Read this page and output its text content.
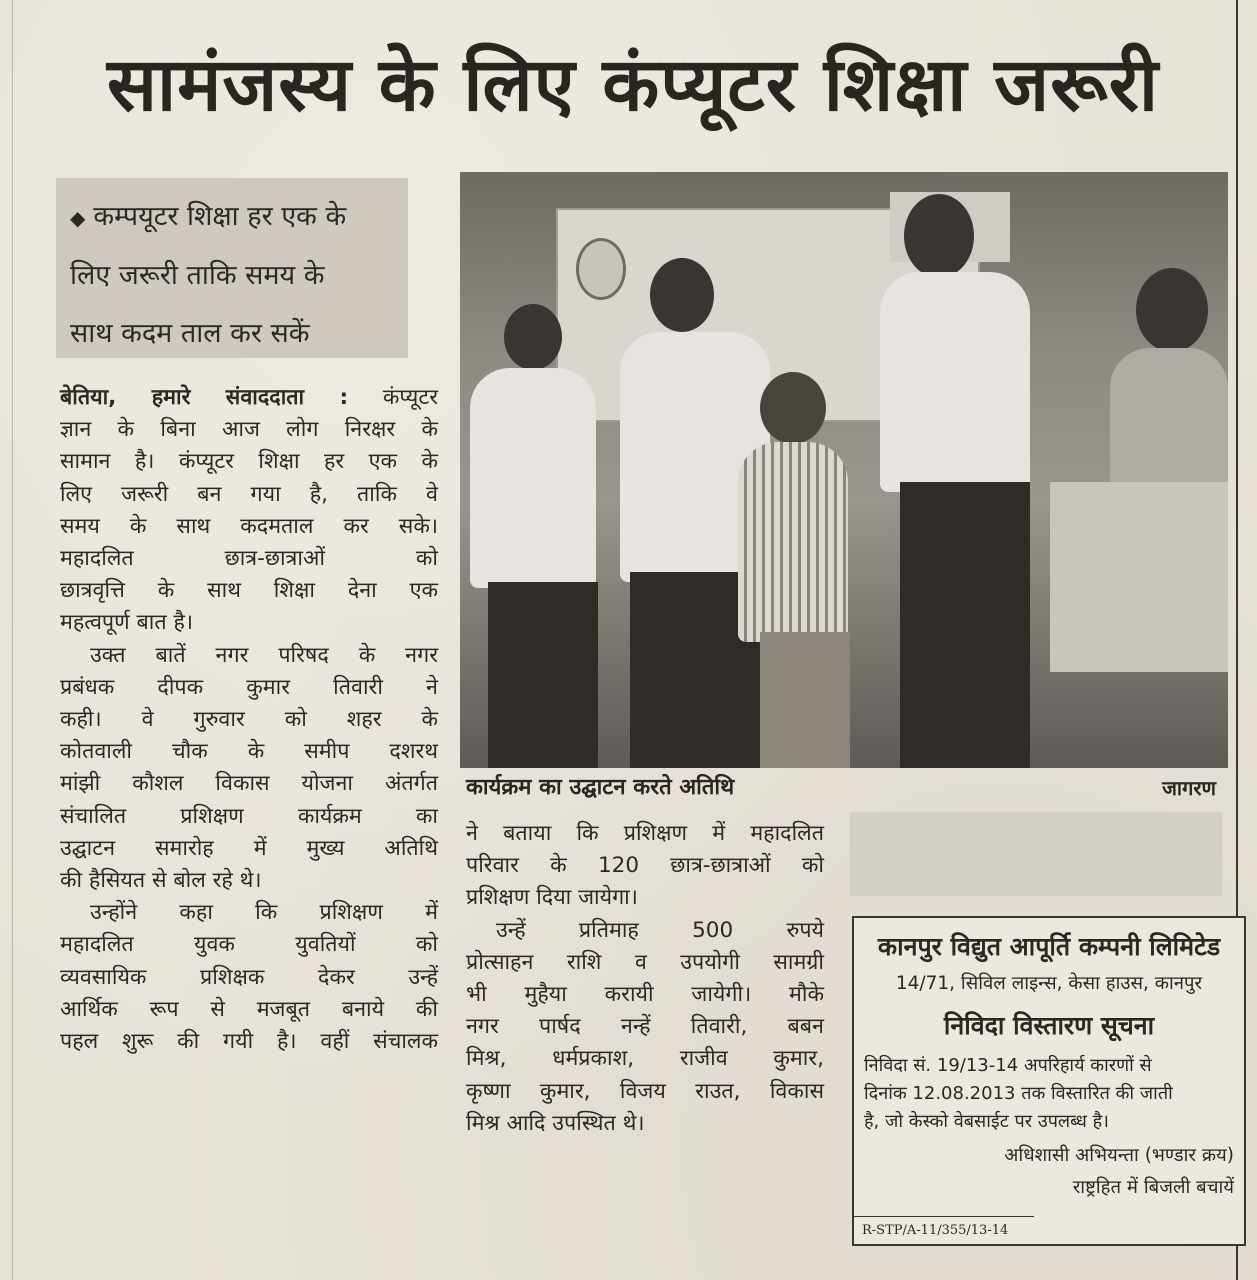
सामंजस्य के लिए कंप्यूटर शिक्षा जरूरी
◆ कम्पयूटर शिक्षा हर एक के
लिए जरूरी ताकि समय के
साथ कदम ताल कर सकें
बेतिया, हमारे संवाददाता : कंप्यूटर
ज्ञान के बिना आज लोग निरक्षर के
सामान है। कंप्यूटर शिक्षा हर एक के
लिए जरूरी बन गया है, ताकि वे
समय के साथ कदमताल कर सके।
महादलित छात्र-छात्राओं को
छात्रवृत्ति के साथ शिक्षा देना एक
महत्वपूर्ण बात है।
उक्त बातें नगर परिषद के नगर
प्रबंधक दीपक कुमार तिवारी ने
कही। वे गुरुवार को शहर के
कोतवाली चौक के समीप दशरथ
मांझी कौशल विकास योजना अंतर्गत
संचालित प्रशिक्षण कार्यक्रम का
उद्घाटन समारोह में मुख्य अतिथि
की हैसियत से बोल रहे थे।
उन्होंने कहा कि प्रशिक्षण में
महादलित युवक युवतियों को
व्यवसायिक प्रशिक्षक देकर उन्हें
आर्थिक रूप से मजबूत बनाये की
पहल शुरू की गयी है। वहीं संचालक
कार्यक्रम का उद्घाटन करते अतिथि	जागरण
ने बताया कि प्रशिक्षण में महादलित
परिवार के 120 छात्र-छात्राओं को
प्रशिक्षण दिया जायेगा।
उन्हें प्रतिमाह 500 रुपये
प्रोत्साहन राशि व उपयोगी सामग्री
भी मुहैया करायी जायेगी। मौके
नगर पार्षद नन्हें तिवारी, बबन
मिश्र, धर्मप्रकाश, राजीव कुमार,
कृष्णा कुमार, विजय राउत, विकास
मिश्र आदि उपस्थित थे।
कानपुर विद्युत आपूर्ति कम्पनी लिमिटेड
14/71, सिविल लाइन्स, केसा हाउस, कानपुर
निविदा विस्तारण सूचना
निविदा सं. 19/13-14 अपरिहार्य कारणों से
दिनांक 12.08.2013 तक विस्तारित की जाती
है, जो केस्को वेबसाईट पर उपलब्ध है।
अधिशासी अभियन्ता (भण्डार क्रय)
राष्ट्रहित में बिजली बचायें
R-STP/A-11/355/13-14
